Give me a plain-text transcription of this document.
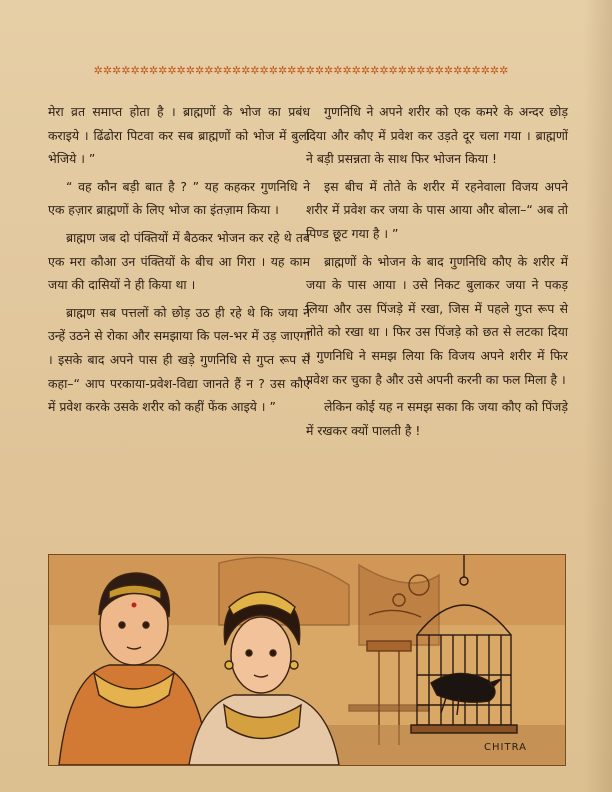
✲✲✲✲✲✲✲✲✲✲✲✲✲✲✲✲✲✲✲✲✲✲✲✲✲✲✲✲✲✲✲✲✲✲✲✲✲✲✲✲✲✲✲✲✲

मेरा व्रत समाप्त होता है । ब्राह्मणों के भोज का प्रबंध कराइये । ढिंढोरा पिटवा कर सब ब्राह्मणों को भोज में बुला भेजिये । ”

“ वह कौन बड़ी बात है ? ” यह कहकर गुणनिधि ने एक हज़ार ब्राह्मणों के लिए भोज का इंतज़ाम किया ।

ब्राह्मण जब दो पंक्तियों में बैठकर भोजन कर रहे थे तब एक मरा कौआ उन पंक्तियों के बीच आ गिरा । यह काम जया की दासियों ने ही किया था ।

ब्राह्मण सब पत्तलों को छोड़ उठ ही रहे थे कि जया ने उन्हें उठने से रोका और समझाया कि पल-भर में उड़ जाएगा । इसके बाद अपने पास ही खड़े गुणनिधि से गुप्त रूप से कहा–“ आप परकाया-प्रवेश-विद्या जानते हैं न ? उस कौए में प्रवेश करके उसके शरीर को कहीं फेंक आइये । ”

गुणनिधि ने अपने शरीर को एक कमरे के अन्दर छोड़ दिया और कौए में प्रवेश कर उड़ते दूर चला गया । ब्राह्मणों ने बड़ी प्रसन्नता के साथ फिर भोजन किया !

इस बीच में तोते के शरीर में रहनेवाला विजय अपने शरीर में प्रवेश कर जया के पास आया और बोला–“ अब तो पिण्ड छूट गया है । ”

ब्राह्मणों के भोजन के बाद गुणनिधि कौए के शरीर में जया के पास आया । उसे निकट बुलाकर जया ने पकड़ लिया और उस पिंजड़े में रखा, जिस में पहले गुप्त रूप से तोते को रखा था । फिर उस पिंजड़े को छत से लटका दिया । गुणनिधि ने समझ लिया कि विजय अपने शरीर में फिर प्रवेश कर चुका है और उसे अपनी करनी का फल मिला है ।

लेकिन कोई यह न समझ सका कि जया कौए को पिंजड़े में रखकर क्यों पालती है !

CHITRA
